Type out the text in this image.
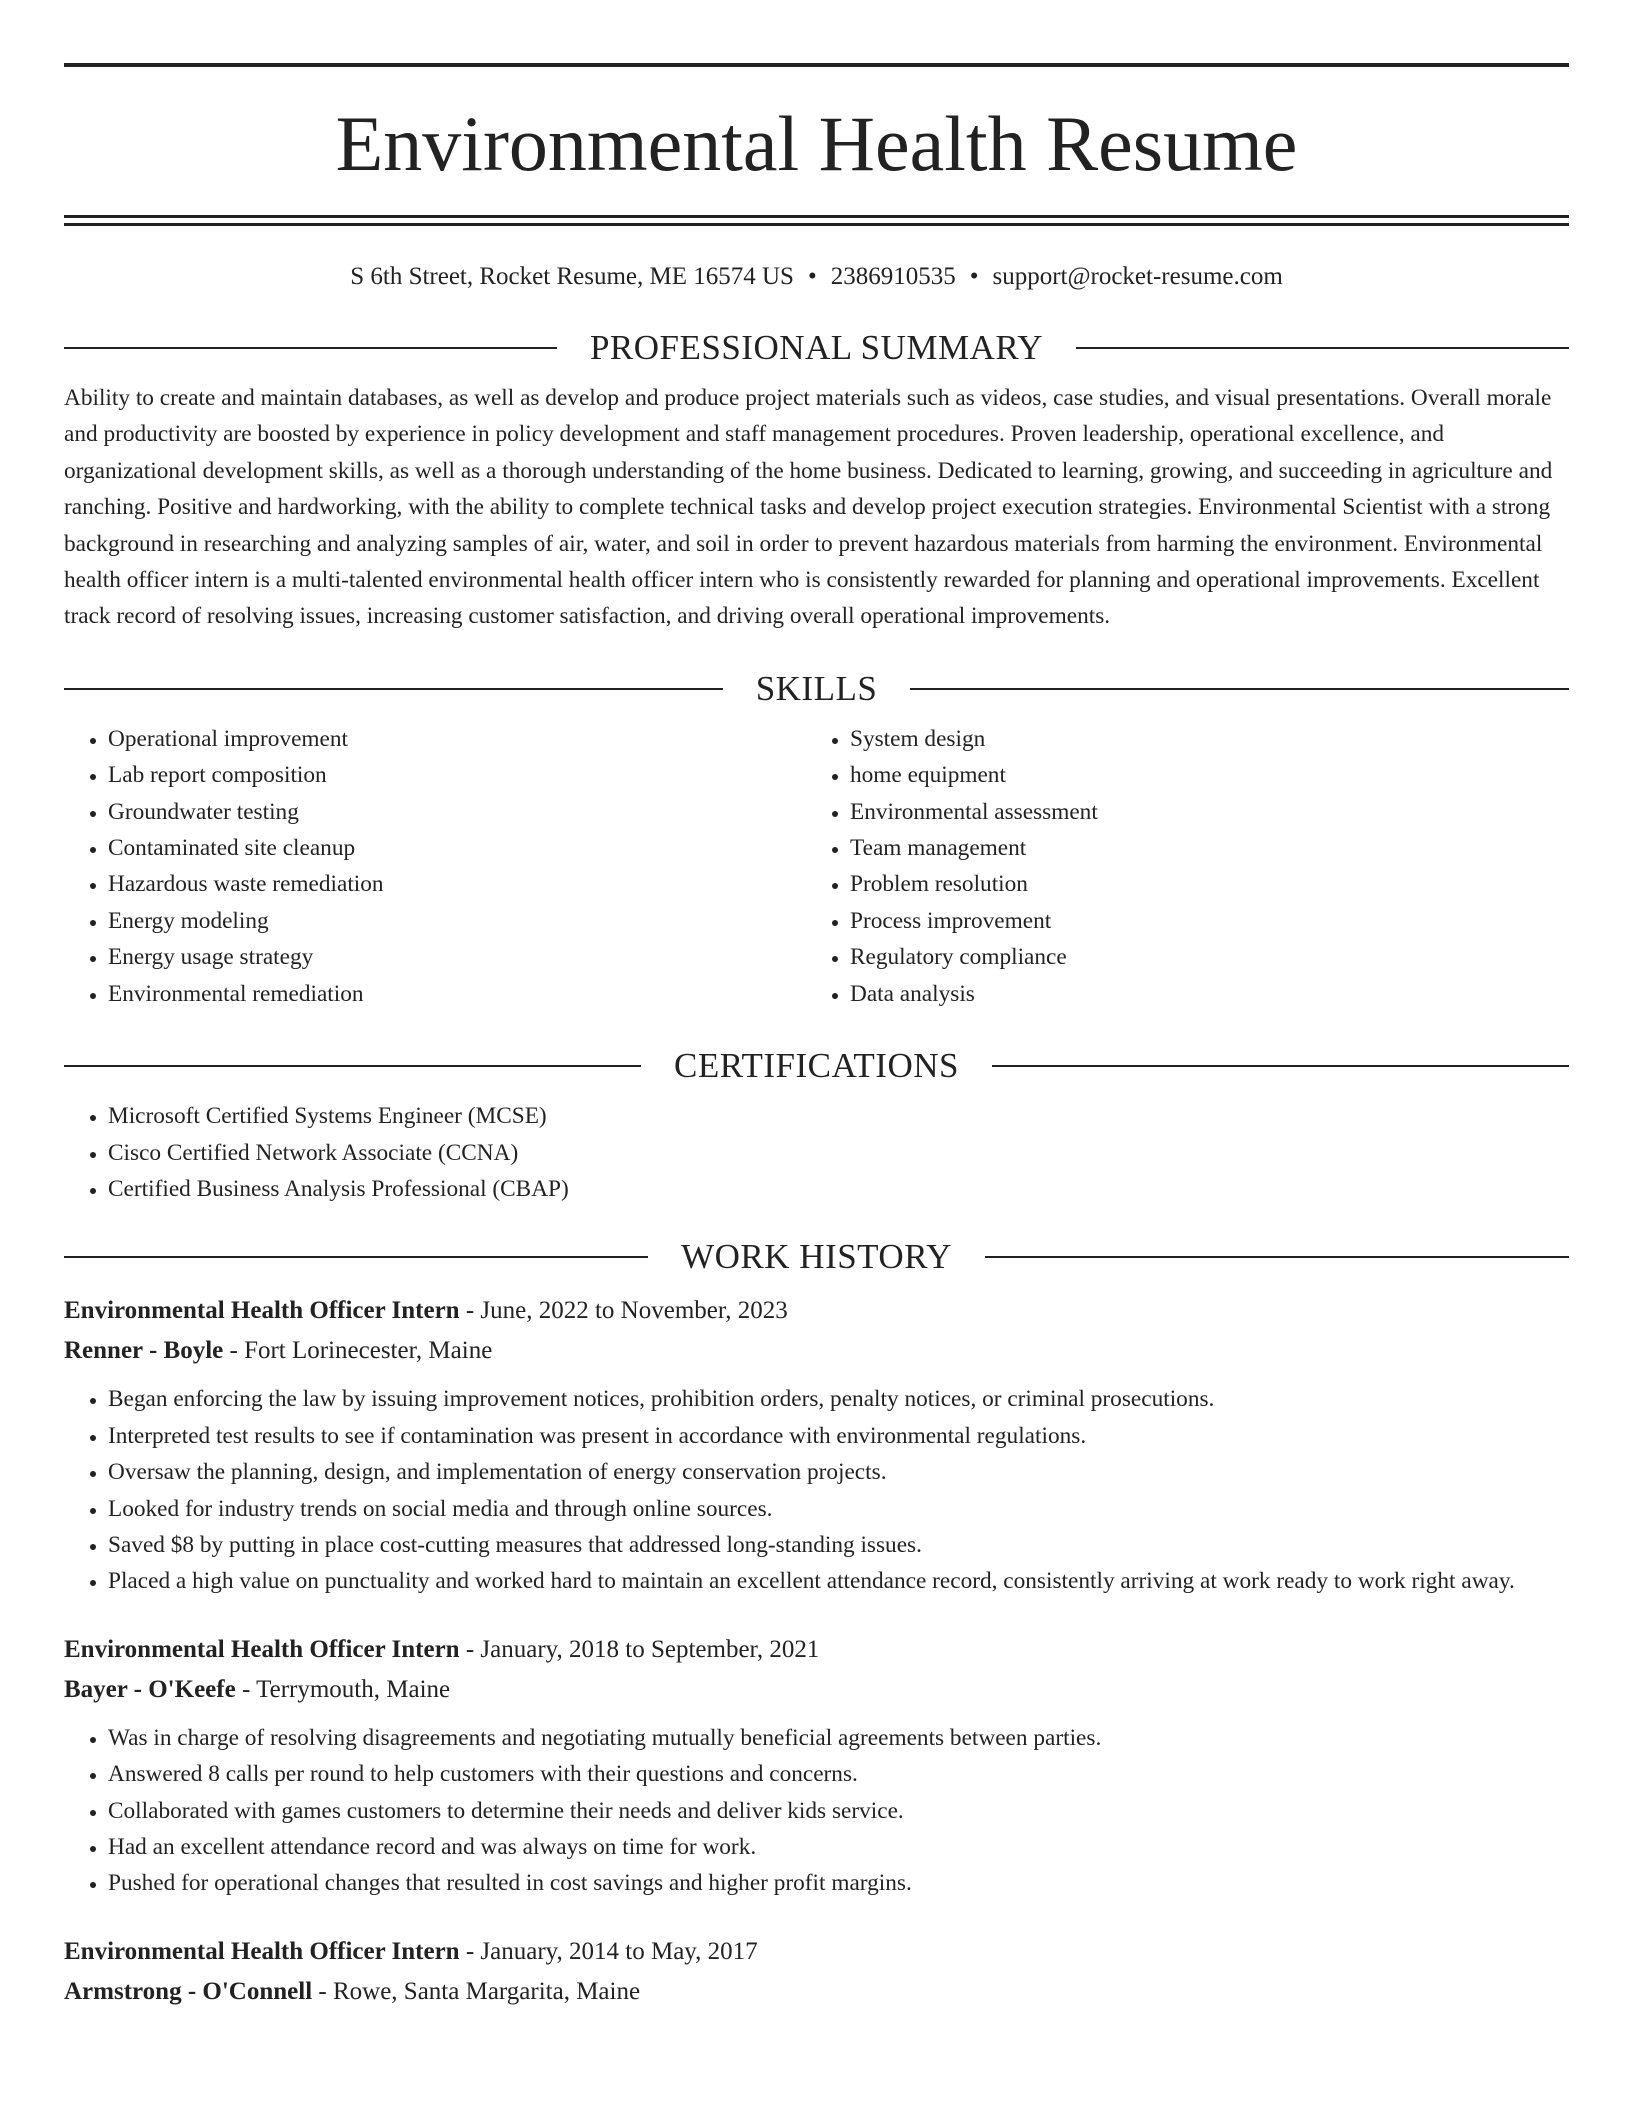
Environmental Health Resume
S 6th Street, Rocket Resume, ME 16574 US • 2386910535 • support@rocket-resume.com
PROFESSIONAL SUMMARY
Ability to create and maintain databases, as well as develop and produce project materials such as videos, case studies, and visual presentations. Overall morale and productivity are boosted by experience in policy development and staff management procedures. Proven leadership, operational excellence, and organizational development skills, as well as a thorough understanding of the home business. Dedicated to learning, growing, and succeeding in agriculture and ranching. Positive and hardworking, with the ability to complete technical tasks and develop project execution strategies. Environmental Scientist with a strong background in researching and analyzing samples of air, water, and soil in order to prevent hazardous materials from harming the environment. Environmental health officer intern is a multi-talented environmental health officer intern who is consistently rewarded for planning and operational improvements. Excellent track record of resolving issues, increasing customer satisfaction, and driving overall operational improvements.
SKILLS
• Operational improvement
• Lab report composition
• Groundwater testing
• Contaminated site cleanup
• Hazardous waste remediation
• Energy modeling
• Energy usage strategy
• Environmental remediation
• System design
• home equipment
• Environmental assessment
• Team management
• Problem resolution
• Process improvement
• Regulatory compliance
• Data analysis
CERTIFICATIONS
• Microsoft Certified Systems Engineer (MCSE)
• Cisco Certified Network Associate (CCNA)
• Certified Business Analysis Professional (CBAP)
WORK HISTORY
Environmental Health Officer Intern - June, 2022 to November, 2023
Renner - Boyle - Fort Lorinecester, Maine
• Began enforcing the law by issuing improvement notices, prohibition orders, penalty notices, or criminal prosecutions.
• Interpreted test results to see if contamination was present in accordance with environmental regulations.
• Oversaw the planning, design, and implementation of energy conservation projects.
• Looked for industry trends on social media and through online sources.
• Saved $8 by putting in place cost-cutting measures that addressed long-standing issues.
• Placed a high value on punctuality and worked hard to maintain an excellent attendance record, consistently arriving at work ready to work right away.
Environmental Health Officer Intern - January, 2018 to September, 2021
Bayer - O'Keefe - Terrymouth, Maine
• Was in charge of resolving disagreements and negotiating mutually beneficial agreements between parties.
• Answered 8 calls per round to help customers with their questions and concerns.
• Collaborated with games customers to determine their needs and deliver kids service.
• Had an excellent attendance record and was always on time for work.
• Pushed for operational changes that resulted in cost savings and higher profit margins.
Environmental Health Officer Intern - January, 2014 to May, 2017
Armstrong - O'Connell - Rowe, Santa Margarita, Maine
